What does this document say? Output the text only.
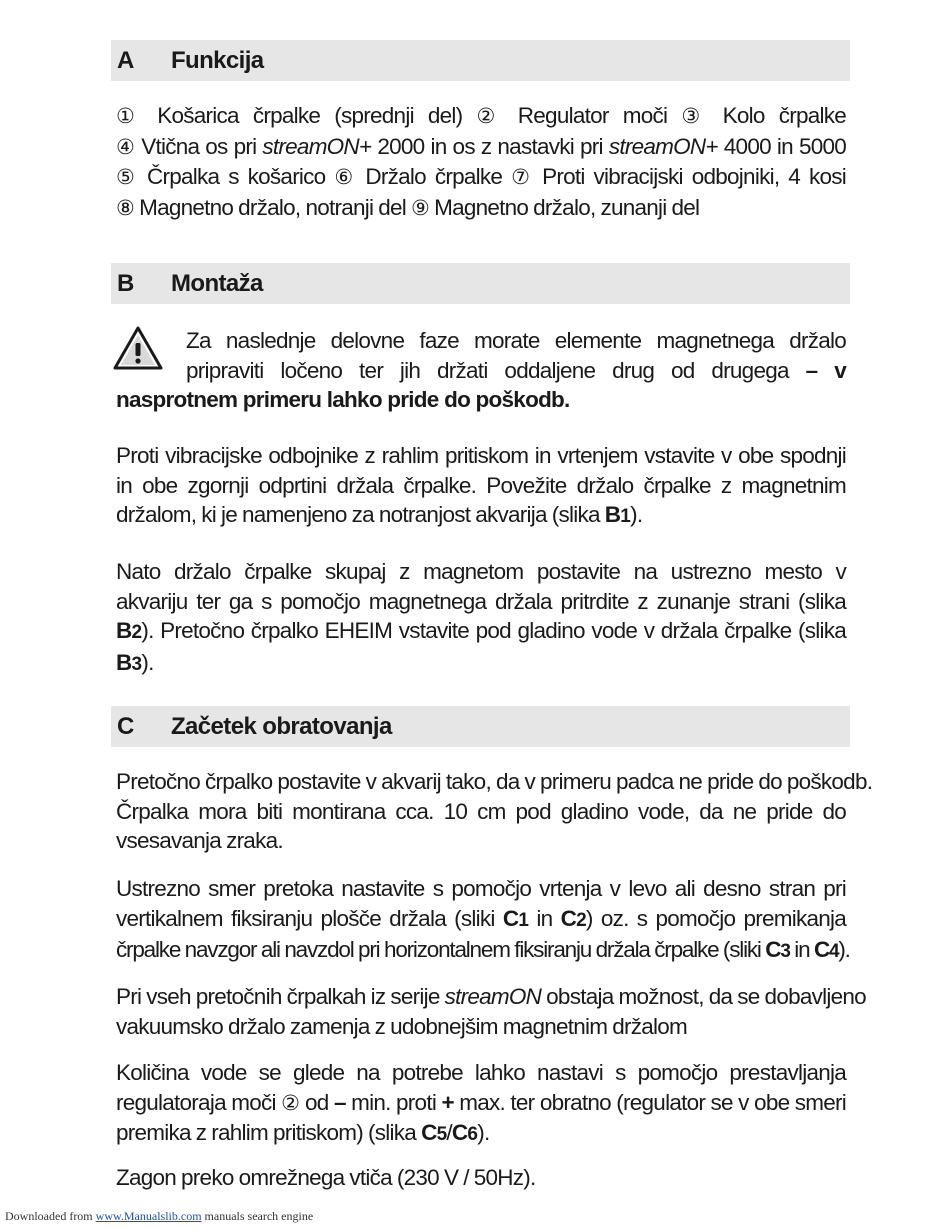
A	Funkcija
① Košarica črpalke (sprednji del) ② Regulator moči ③ Kolo črpalke
④ Vtična os pri streamON+ 2000 in os z nastavki pri streamON+ 4000 in 5000
⑤ Črpalka s košarico ⑥ Držalo črpalke ⑦ Proti vibracijski odbojniki, 4 kosi
⑧ Magnetno držalo, notranji del ⑨ Magnetno držalo, zunanji del
B	Montaža
Za naslednje delovne faze morate elemente magnetnega držalo
pripraviti ločeno ter jih držati oddaljene drug od drugega – v
nasprotnem primeru lahko pride do poškodb.
Proti vibracijske odbojnike z rahlim pritiskom in vrtenjem vstavite v obe spodnji
in obe zgornji odprtini držala črpalke. Povežite držalo črpalke z magnetnim
držalom, ki je namenjeno za notranjost akvarija (slika B1).
Nato držalo črpalke skupaj z magnetom postavite na ustrezno mesto v
akvariju ter ga s pomočjo magnetnega držala pritrdite z zunanje strani (slika
B2). Pretočno črpalko EHEIM vstavite pod gladino vode v držala črpalke (slika
B3).
C	Začetek obratovanja
Pretočno črpalko postavite v akvarij tako, da v primeru padca ne pride do poškodb.
Črpalka mora biti montirana cca. 10 cm pod gladino vode, da ne pride do
vsesavanja zraka.
Ustrezno smer pretoka nastavite s pomočjo vrtenja v levo ali desno stran pri
vertikalnem fiksiranju plošče držala (sliki C1 in C2) oz. s pomočjo premikanja
črpalke navzgor ali navzdol pri horizontalnem fiksiranju držala črpalke (sliki C3 in C4).
Pri vseh pretočnih črpalkah iz serije streamON obstaja možnost, da se dobavljeno
vakuumsko držalo zamenja z udobnejšim magnetnim držalom
Količina vode se glede na potrebe lahko nastavi s pomočjo prestavljanja
regulatoraja moči ② od – min. proti + max. ter obratno (regulator se v obe smeri
premika z rahlim pritiskom) (slika C5/C6).
Zagon preko omrežnega vtiča (230 V / 50Hz).
Downloaded from www.Manualslib.com manuals search engine
